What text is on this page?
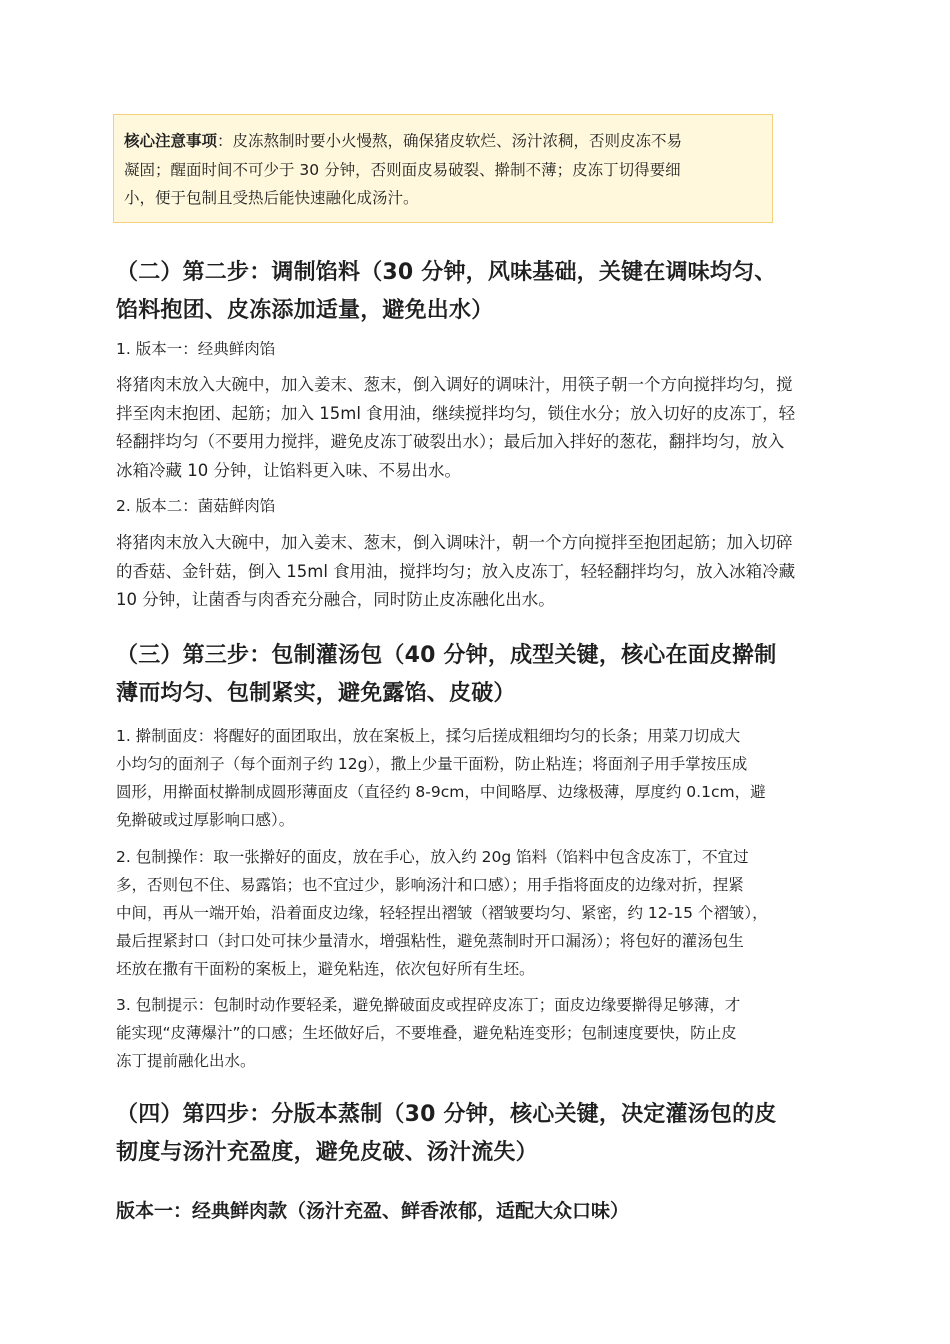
核心注意事项：皮冻熬制时要小火慢熬，确保猪皮软烂、汤汁浓稠，否则皮冻不易
凝固；醒面时间不可少于 30 分钟，否则面皮易破裂、擀制不薄；皮冻丁切得要细
小，便于包制且受热后能快速融化成汤汁。
（二）第二步：调制馅料（30 分钟，风味基础，关键在调味均匀、
馅料抱团、皮冻添加适量，避免出水）
1. 版本一：经典鲜肉馅
将猪肉末放入大碗中，加入姜末、葱末，倒入调好的调味汁，用筷子朝一个方向搅拌均匀，搅
拌至肉末抱团、起筋；加入 15ml 食用油，继续搅拌均匀，锁住水分；放入切好的皮冻丁，轻
轻翻拌均匀（不要用力搅拌，避免皮冻丁破裂出水）；最后加入拌好的葱花，翻拌均匀，放入
冰箱冷藏 10 分钟，让馅料更入味、不易出水。
2. 版本二：菌菇鲜肉馅
将猪肉末放入大碗中，加入姜末、葱末，倒入调味汁，朝一个方向搅拌至抱团起筋；加入切碎
的香菇、金针菇，倒入 15ml 食用油，搅拌均匀；放入皮冻丁，轻轻翻拌均匀，放入冰箱冷藏
10 分钟，让菌香与肉香充分融合，同时防止皮冻融化出水。
（三）第三步：包制灌汤包（40 分钟，成型关键，核心在面皮擀制
薄而均匀、包制紧实，避免露馅、皮破）
1. 擀制面皮：将醒好的面团取出，放在案板上，揉匀后搓成粗细均匀的长条；用菜刀切成大
小均匀的面剂子（每个面剂子约 12g），撒上少量干面粉，防止粘连；将面剂子用手掌按压成
圆形，用擀面杖擀制成圆形薄面皮（直径约 8-9cm，中间略厚、边缘极薄，厚度约 0.1cm，避
免擀破或过厚影响口感）。
2. 包制操作：取一张擀好的面皮，放在手心，放入约 20g 馅料（馅料中包含皮冻丁，不宜过
多，否则包不住、易露馅；也不宜过少，影响汤汁和口感）；用手指将面皮的边缘对折，捏紧
中间，再从一端开始，沿着面皮边缘，轻轻捏出褶皱（褶皱要均匀、紧密，约 12-15 个褶皱），
最后捏紧封口（封口处可抹少量清水，增强粘性，避免蒸制时开口漏汤）；将包好的灌汤包生
坯放在撒有干面粉的案板上，避免粘连，依次包好所有生坯。
3. 包制提示：包制时动作要轻柔，避免擀破面皮或捏碎皮冻丁；面皮边缘要擀得足够薄，才
能实现“皮薄爆汁”的口感；生坯做好后，不要堆叠，避免粘连变形；包制速度要快，防止皮
冻丁提前融化出水。
（四）第四步：分版本蒸制（30 分钟，核心关键，决定灌汤包的皮
韧度与汤汁充盈度，避免皮破、汤汁流失）
版本一：经典鲜肉款（汤汁充盈、鲜香浓郁，适配大众口味）
